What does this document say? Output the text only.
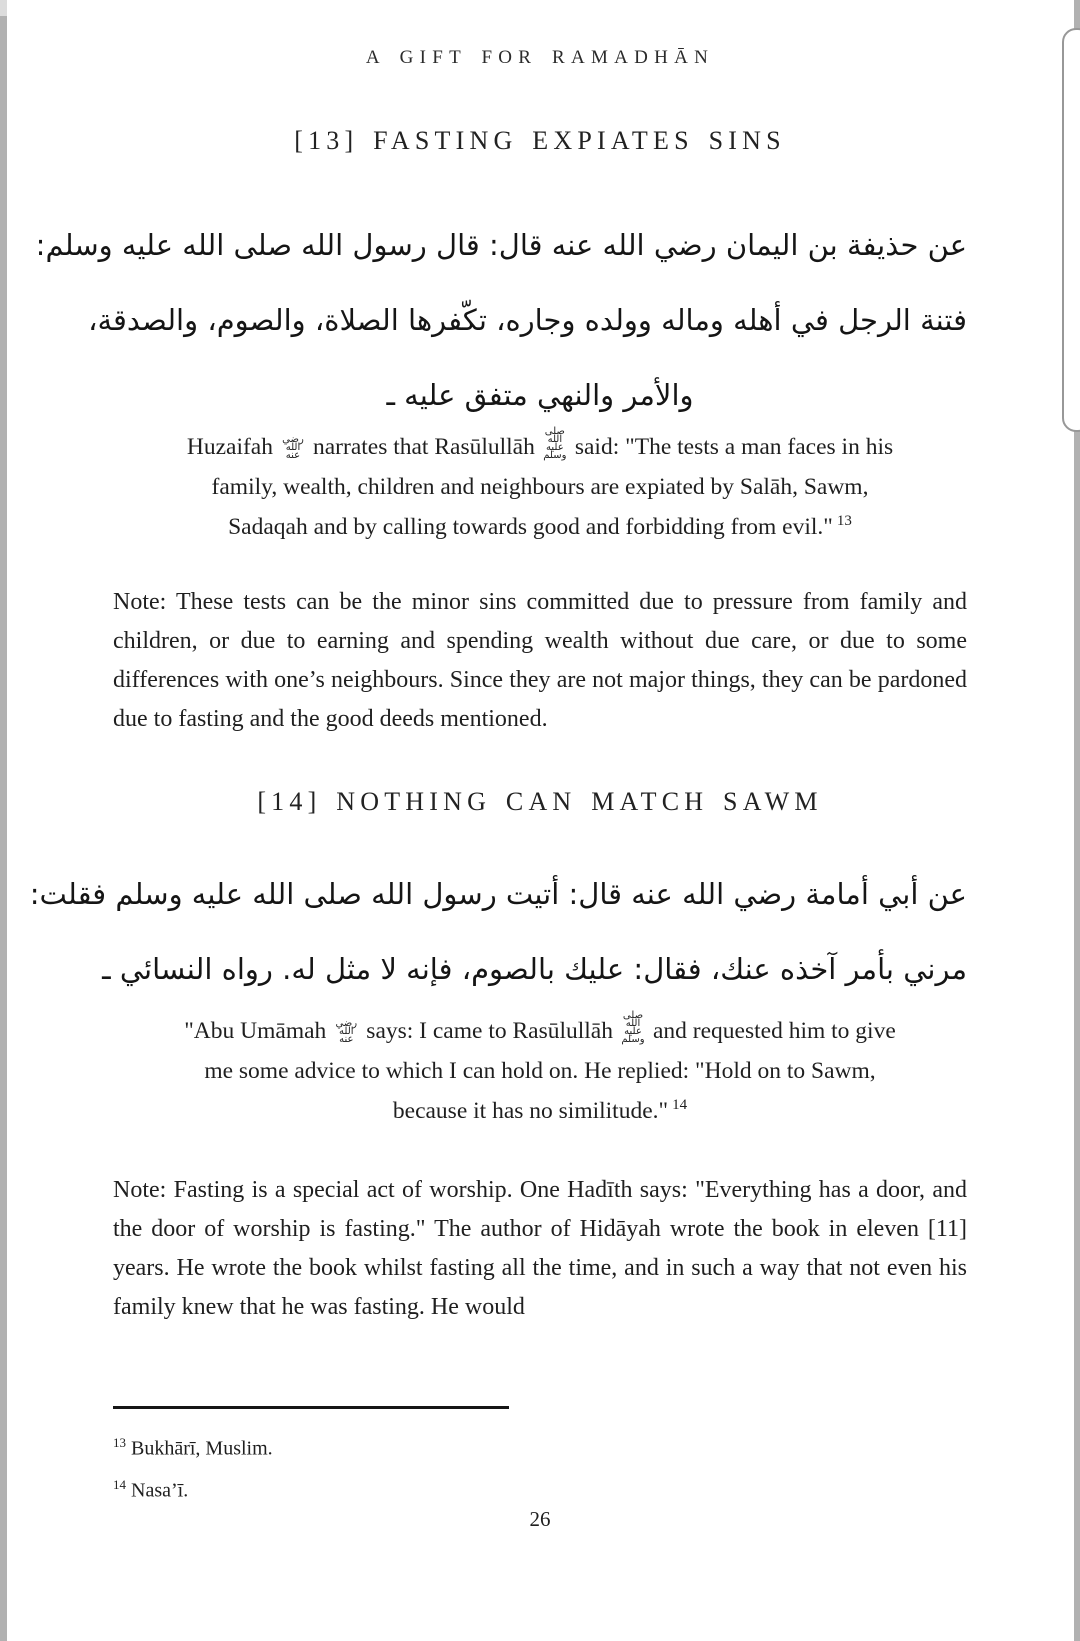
A GIFT FOR RAMADHĀN
[13] FASTING EXPIATES SINS
عن حذيفة بن اليمان رضي الله عنه قال: قال رسول الله صلى الله عليه وسلم:
فتنة الرجل في أهله وماله وولده وجاره، تكّفرها الصلاة، والصوم، والصدقة،
والأمر والنهي متفق عليه ـ
Huzaifah رضي الله عنه narrates that Rasūlullāhصلى الله عليه وسلم said: "The tests a man faces in his
family, wealth, children and neighbours are expiated by Salāh, Sawm,
Sadaqah and by calling towards good and forbidding from evil." $^{13}$
Note: These tests can be the minor sins committed due to pressure from family and children, or due to earning and spending wealth without due care, or due to some differences with one’s neighbours. Since they are not major things, they can be pardoned due to fasting and the good deeds mentioned.
[14] NOTHING CAN MATCH SAWM
عن أبي أمامة رضي الله عنه قال: أتيت رسول الله صلى الله عليه وسلم فقلت:
مرني بأمر آخذه عنك، فقال: عليك بالصوم، فإنه لا مثل له. رواه النسائي ـ
"Abu Umāmah رضي الله عنه says: I came to Rasūlullāhصلى الله عليه وسلم and requested him to give
me some advice to which I can hold on. He replied: "Hold on to Sawm,
because it has no similitude." $^{14}$
Note: Fasting is a special act of worship. One Hadīth says: "Everything has a door, and the door of worship is fasting." The author of Hidāyah wrote the book in eleven [11] years. He wrote the book whilst fasting all the time, and in such a way that not even his family knew that he was fasting. He would
$^{13}$ Bukhārī, Muslim.
$^{14}$ Nasa’ī.
26
